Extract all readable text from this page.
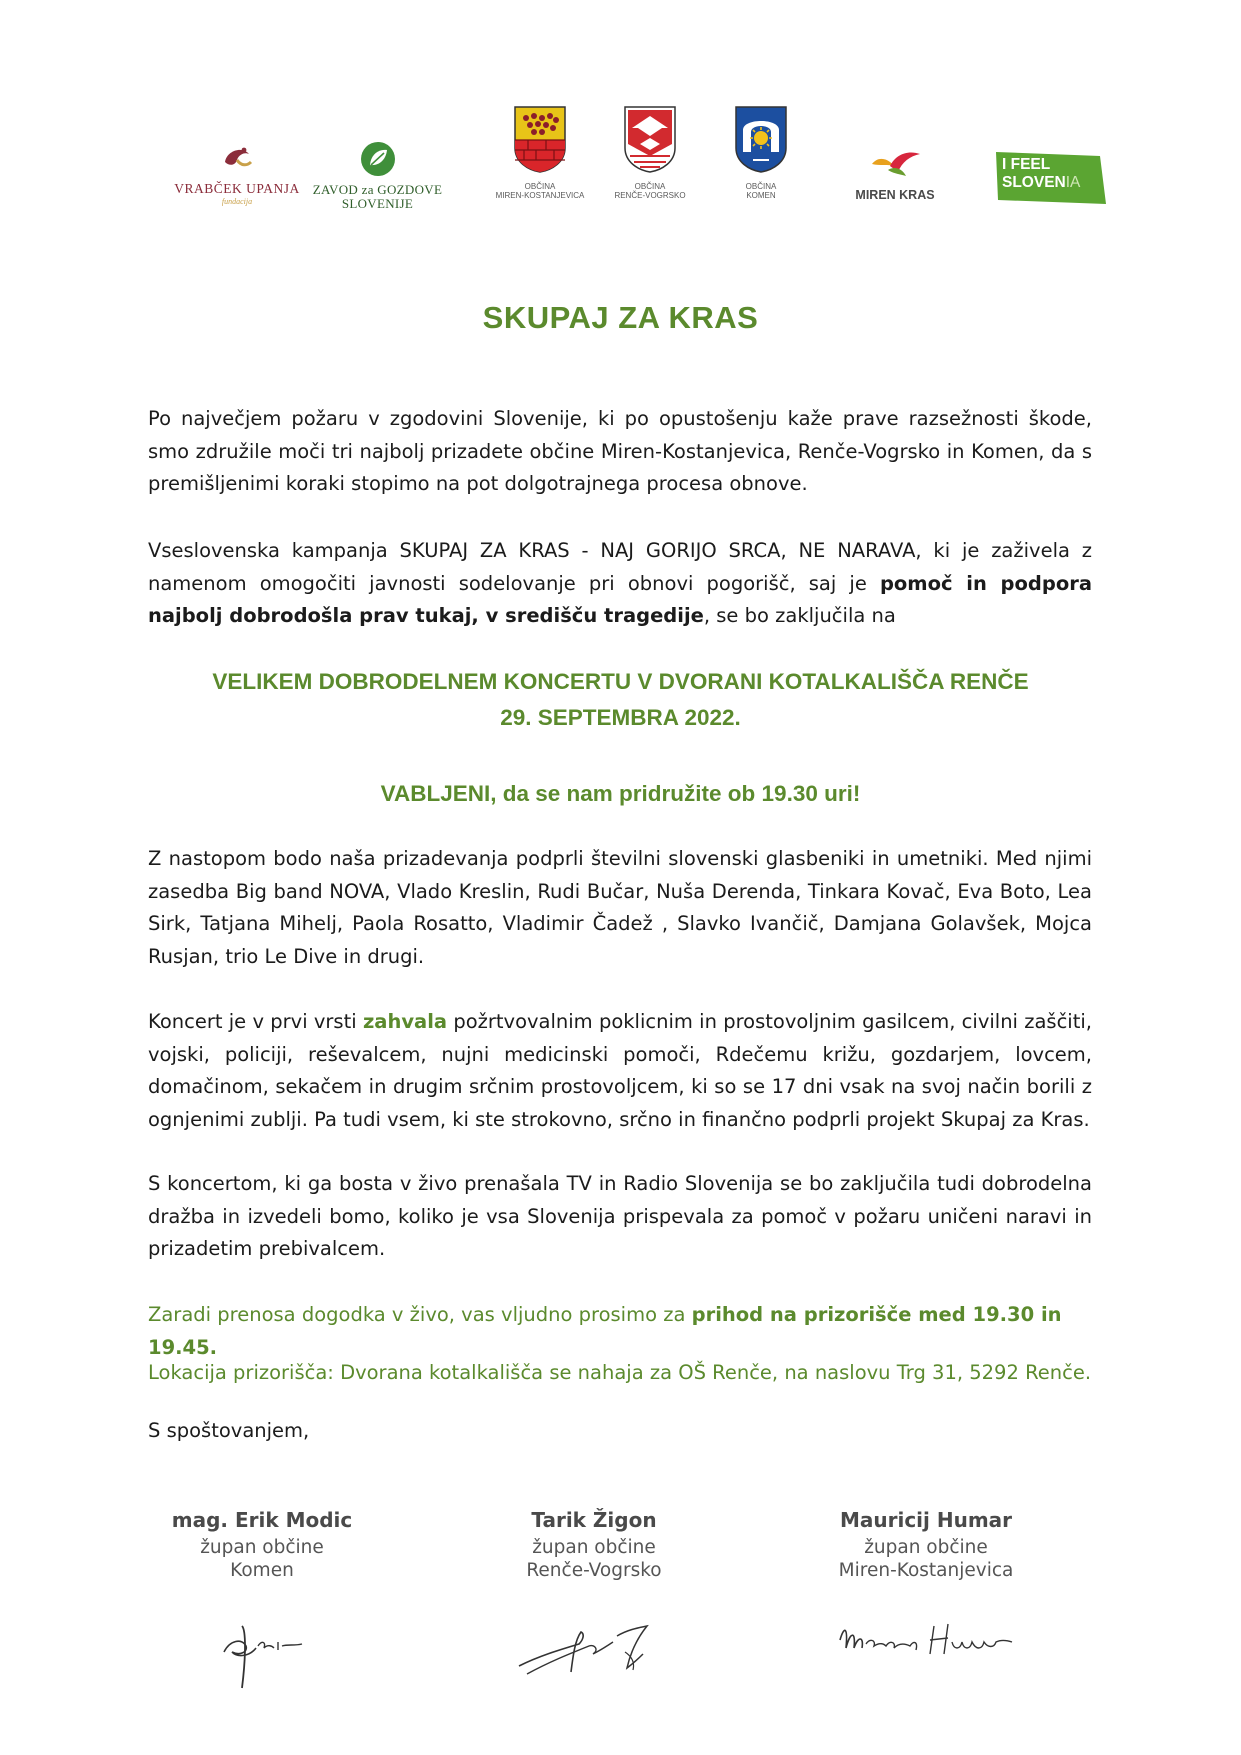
VRABČEK UPANJA
fundacija
ZAVOD za GOZDOVE
SLOVENIJE
OBČINA
MIREN-KOSTANJEVICA
OBČINA
RENČE-VOGRSKO
OBČINA
KOMEN	MIREN KRAS
I FEEL
SLOVENIA
SKUPAJ ZA KRAS

Po največjem požaru v zgodovini Slovenije, ki po opustošenju kaže prave razsežnosti škode, smo združile moči tri najbolj prizadete občine Miren-Kostanjevica, Renče-Vogrsko in Komen, da s premišljenimi koraki stopimo na pot dolgotrajnega procesa obnove.

Vseslovenska kampanja SKUPAJ ZA KRAS - NAJ GORIJO SRCA, NE NARAVA, ki je zaživela z namenom omogočiti javnosti sodelovanje pri obnovi pogorišč, saj je pomoč in podpora najbolj dobrodošla prav tukaj, v središču tragedije, se bo zaključila na

VELIKEM DOBRODELNEM KONCERTU V DVORANI KOTALKALIŠČA RENČE
29. SEPTEMBRA 2022.
VABLJENI, da se nam pridružite ob 19.30 uri!

Z nastopom bodo naša prizadevanja podprli številni slovenski glasbeniki in umetniki. Med njimi zasedba Big band NOVA, Vlado Kreslin, Rudi Bučar, Nuša Derenda, Tinkara Kovač, Eva Boto, Lea Sirk, Tatjana Mihelj, Paola Rosatto, Vladimir Čadež , Slavko Ivančič, Damjana Golavšek, Mojca Rusjan, trio Le Dive in drugi.

Koncert je v prvi vrsti zahvala požrtvovalnim poklicnim in prostovoljnim gasilcem, civilni zaščiti, vojski, policiji, reševalcem, nujni medicinski pomoči, Rdečemu križu, gozdarjem, lovcem, domačinom, sekačem in drugim srčnim prostovoljcem, ki so se 17 dni vsak na svoj način borili z ognjenimi zublji. Pa tudi vsem, ki ste strokovno, srčno in finančno podprli projekt Skupaj za Kras.

S koncertom, ki ga bosta v živo prenašala TV in Radio Slovenija se bo zaključila tudi dobrodelna dražba in izvedeli bomo, koliko je vsa Slovenija prispevala za pomoč v požaru uničeni naravi in prizadetim prebivalcem.

Zaradi prenosa dogodka v živo, vas vljudno prosimo za prihod na prizorišče med 19.30 in 19.45.

Lokacija prizorišča: Dvorana kotalkališča se nahaja za OŠ Renče, na naslovu Trg 31, 5292 Renče.

S spoštovanjem,

mag. Erik Modic
župan občine
Komen
Tarik Žigon
župan občine
Renče-Vogrsko
Mauricij Humar
župan občine
Miren-Kostanjevica
